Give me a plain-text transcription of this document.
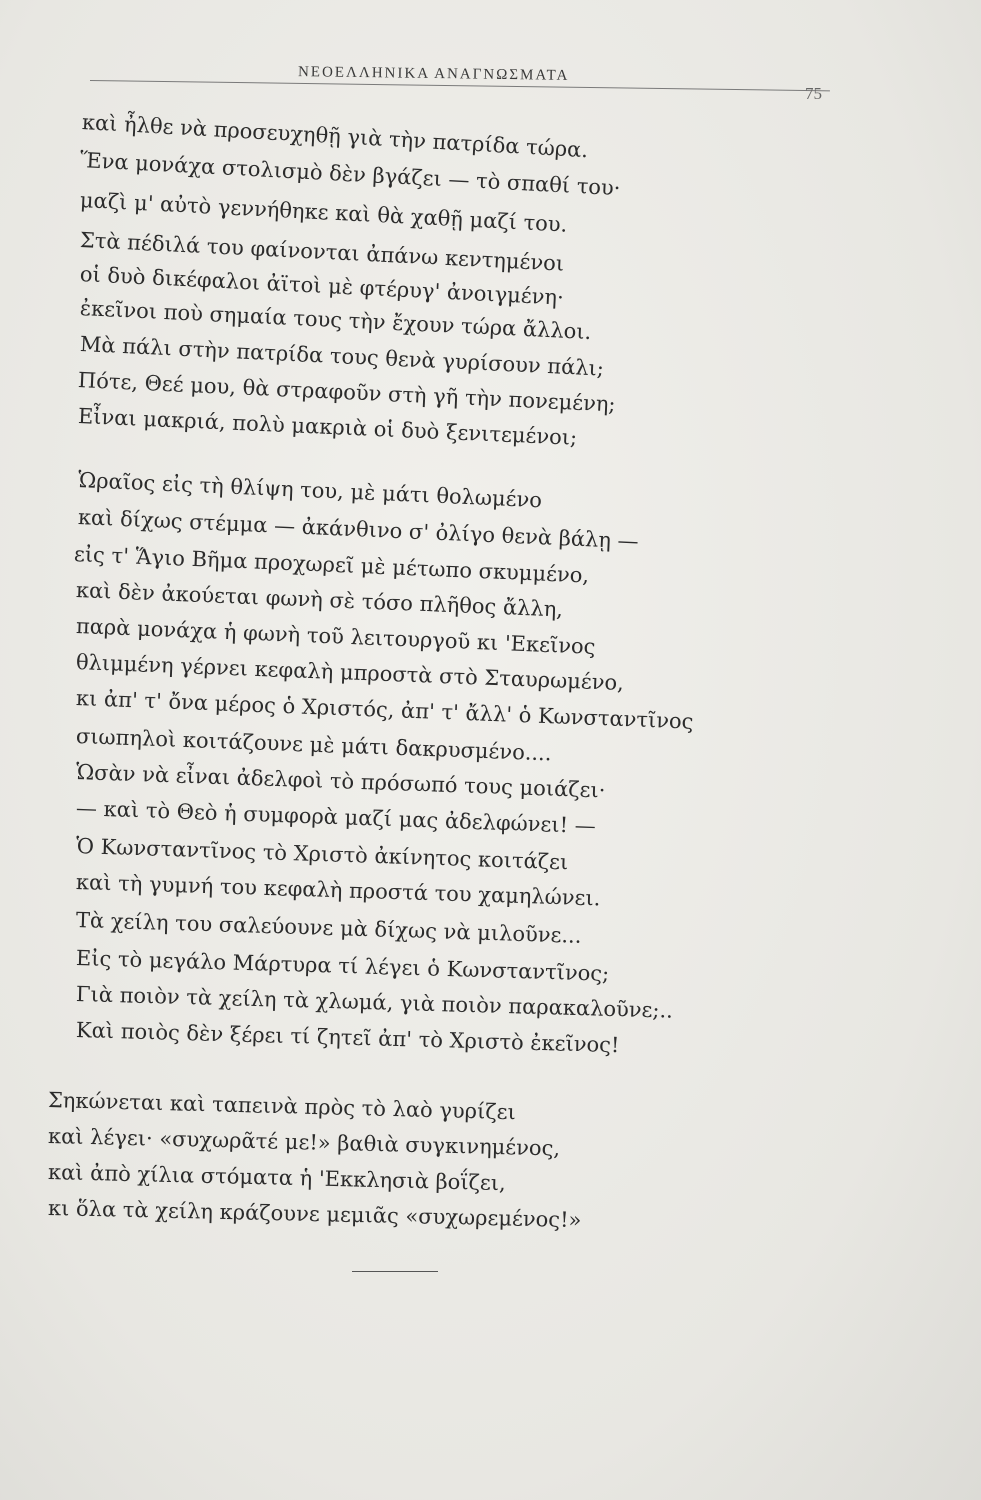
ΝΕΟΕΛΛΗΝΙΚΑ ΑΝΑΓΝΩΣΜΑΤΑ
75
καὶ ἦλθε νὰ προσευχηθῇ γιὰ τὴν πατρίδα τώρα.
Ἕνα μονάχα στολισμὸ δὲν βγάζει — τὸ σπαθί του·
μαζὶ μ' αὐτὸ γεννήθηκε καὶ θὰ χαθῇ μαζί του.
Στὰ πέδιλά του φαίνονται ἀπάνω κεντημένοι
οἱ δυὸ δικέφαλοι ἀϊτοὶ μὲ φτέρυγ' ἀνοιγμένη·
ἐκεῖνοι ποὺ σημαία τους τὴν ἔχουν τώρα ἄλλοι.
Μὰ πάλι στὴν πατρίδα τους θενὰ γυρίσουν πάλι;
Πότε, Θεέ μου, θὰ στραφοῦν στὴ γῆ τὴν πονεμένη;
Εἶναι μακριά, πολὺ μακριὰ οἱ δυὸ ξενιτεμένοι;
Ὡραῖος εἰς τὴ θλίψη του, μὲ μάτι θολωμένο
καὶ δίχως στέμμα — ἀκάνθινο σ' ὀλίγο θενὰ βάλῃ —
εἰς τ' Ἅγιο Βῆμα προχωρεῖ μὲ μέτωπο σκυμμένο,
καὶ δὲν ἀκούεται φωνὴ σὲ τόσο πλῆθος ἄλλη,
παρὰ μονάχα ἡ φωνὴ τοῦ λειτουργοῦ κι 'Εκεῖνος
θλιμμένη γέρνει κεφαλὴ μπροστὰ στὸ Σταυρωμένο,
κι ἀπ' τ' ὄνα μέρος ὁ Χριστός, ἀπ' τ' ἄλλ' ὁ Κωνσταντῖνος
σιωπηλοὶ κοιτάζουνε μὲ μάτι δακρυσμένο....
Ὡσὰν νὰ εἶναι ἀδελφοὶ τὸ πρόσωπό τους μοιάζει·
— καὶ τὸ Θεὸ ἡ συμφορὰ μαζί μας ἀδελφώνει! —
Ὁ Κωνσταντῖνος τὸ Χριστὸ ἀκίνητος κοιτάζει
καὶ τὴ γυμνή του κεφαλὴ προστά του χαμηλώνει.
Τὰ χείλη του σαλεύουνε μὰ δίχως νὰ μιλοῦνε...
Εἰς τὸ μεγάλο Μάρτυρα τί λέγει ὁ Κωνσταντῖνος;
Γιὰ ποιὸν τὰ χείλη τὰ χλωμά, γιὰ ποιὸν παρακαλοῦνε;..
Καὶ ποιὸς δὲν ξέρει τί ζητεῖ ἀπ' τὸ Χριστὸ ἐκεῖνος!
Σηκώνεται καὶ ταπεινὰ πρὸς τὸ λαὸ γυρίζει
καὶ λέγει· «συχωρᾶτέ με!» βαθιὰ συγκινημένος,
καὶ ἀπὸ χίλια στόματα ἡ 'Εκκλησιὰ βοΐζει,
κι ὅλα τὰ χείλη κράζουνε μεμιᾶς «συχωρεμένος!»
